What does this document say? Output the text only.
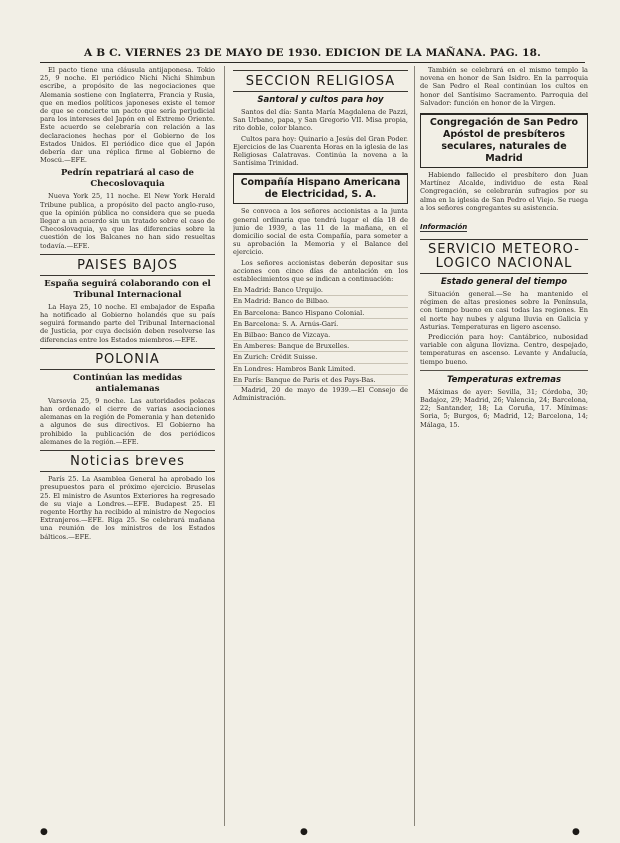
A B C. VIERNES 23 DE MAYO DE 1930. EDICION DE LA MAÑANA. PAG. 18.

El pacto tiene una cláusula antijaponesa. Tokio 25, 9 noche. El periódico Nichi Nichi Shimbun escribe, a propósito de las negociaciones que Alemania sostiene con Inglaterra, Francia y Rusia, que en medios políticos japoneses existe el temor de que se concierte un pacto que sería perjudicial para los intereses del Japón en el Extremo Oriente. Este acuerdo se celebraría con relación a las declaraciones hechas por el Gobierno de los Estados Unidos. El periódico dice que el Japón debería dar una réplica firme al Gobierno de Moscú.—EFE.

Pedrín repatriará al caso de Checoslovaquia

Nueva York 25, 11 noche. El New York Herald Tribune publica, a propósito del pacto anglo-ruso, que la opinión pública no considera que se pueda llegar a un acuerdo sin un tratado sobre el caso de Checoslovaquia, ya que las diferencias sobre la cuestión de los Balcanes no han sido resueltas todavía.—EFE.

PAISES BAJOS
España seguirá colaborando con el Tribunal Internacional

La Haya 25, 10 noche. El embajador de España ha notificado al Gobierno holandés que su país seguirá formando parte del Tribunal Internacional de Justicia, por cuya decisión deben resolverse las diferencias entre los Estados miembros.—EFE.

POLONIA
Continúan las medidas antialemanas

Varsovia 25, 9 noche. Las autoridades polacas han ordenado el cierre de varias asociaciones alemanas en la región de Pomerania y han detenido a algunos de sus directivos. El Gobierno ha prohibido la publicación de dos periódicos alemanes de la región.—EFE.

Noticias breves

París 25. La Asamblea General ha aprobado los presupuestos para el próximo ejercicio. Bruselas 25. El ministro de Asuntos Exteriores ha regresado de su viaje a Londres.—EFE. Budapest 25. El regente Horthy ha recibido al ministro de Negocios Extranjeros.—EFE. Riga 25. Se celebrará mañana una reunión de los ministros de los Estados bálticos.—EFE.

SECCION RELIGIOSA
Santoral y cultos para hoy

Santos del día: Santa María Magdalena de Pazzi, San Urbano, papa, y San Gregorio VII. Misa propia, rito doble, color blanco.

Cultos para hoy: Quinario a Jesús del Gran Poder. Ejercicios de las Cuarenta Horas en la iglesia de las Religiosas Calatravas. Continúa la novena a la Santísima Trinidad.

Compañía Hispano Americana de Electricidad, S. A.

Se convoca a los señores accionistas a la junta general ordinaria que tendrá lugar el día 18 de junio de 1939, a las 11 de la mañana, en el domicilio social de esta Compañía, para someter a su aprobación la Memoria y el Balance del ejercicio.

Los señores accionistas deberán depositar sus acciones con cinco días de antelación en los establecimientos que se indican a continuación:

En Madrid: Banco Urquijo.
En Madrid: Banco de Bilbao.
En Barcelona: Banco Hispano Colonial.
En Barcelona: S. A. Arnús-Garí.
En Bilbao: Banco de Vizcaya.
En Amberes: Banque de Bruxelles.
En Zurich: Crédit Suisse.
En Londres: Hambros Bank Limited.
En París: Banque de Paris et des Pays-Bas.

Madrid, 20 de mayo de 1939.—El Consejo de Administración.

También se celebrará en el mismo templo la novena en honor de San Isidro. En la parroquia de San Pedro el Real continúan los cultos en honor del Santísimo Sacramento. Parroquia del Salvador: función en honor de la Virgen.

Congregación de San Pedro Apóstol de presbíteros seculares, naturales de Madrid

Habiendo fallecido el presbítero don Juan Martínez Alcalde, individuo de esta Real Congregación, se celebrarán sufragios por su alma en la iglesia de San Pedro el Viejo. Se ruega a los señores congregantes su asistencia.

Información
SERVICIO METEORO-LOGICO NACIONAL
Estado general del tiempo

Situación general.—Se ha mantenido el régimen de altas presiones sobre la Península, con tiempo bueno en casi todas las regiones. En el norte hay nubes y alguna lluvia en Galicia y Asturias. Temperaturas en ligero ascenso.

Predicción para hoy: Cantábrico, nubosidad variable con alguna llovizna. Centro, despejado, temperaturas en ascenso. Levante y Andalucía, tiempo bueno.

Temperaturas extremas

Máximas de ayer: Sevilla, 31; Córdoba, 30; Badajoz, 29; Madrid, 26; Valencia, 24; Barcelona, 22; Santander, 18; La Coruña, 17. Mínimas: Soria, 5; Burgos, 6; Madrid, 12; Barcelona, 14; Málaga, 15.

●	●	●
